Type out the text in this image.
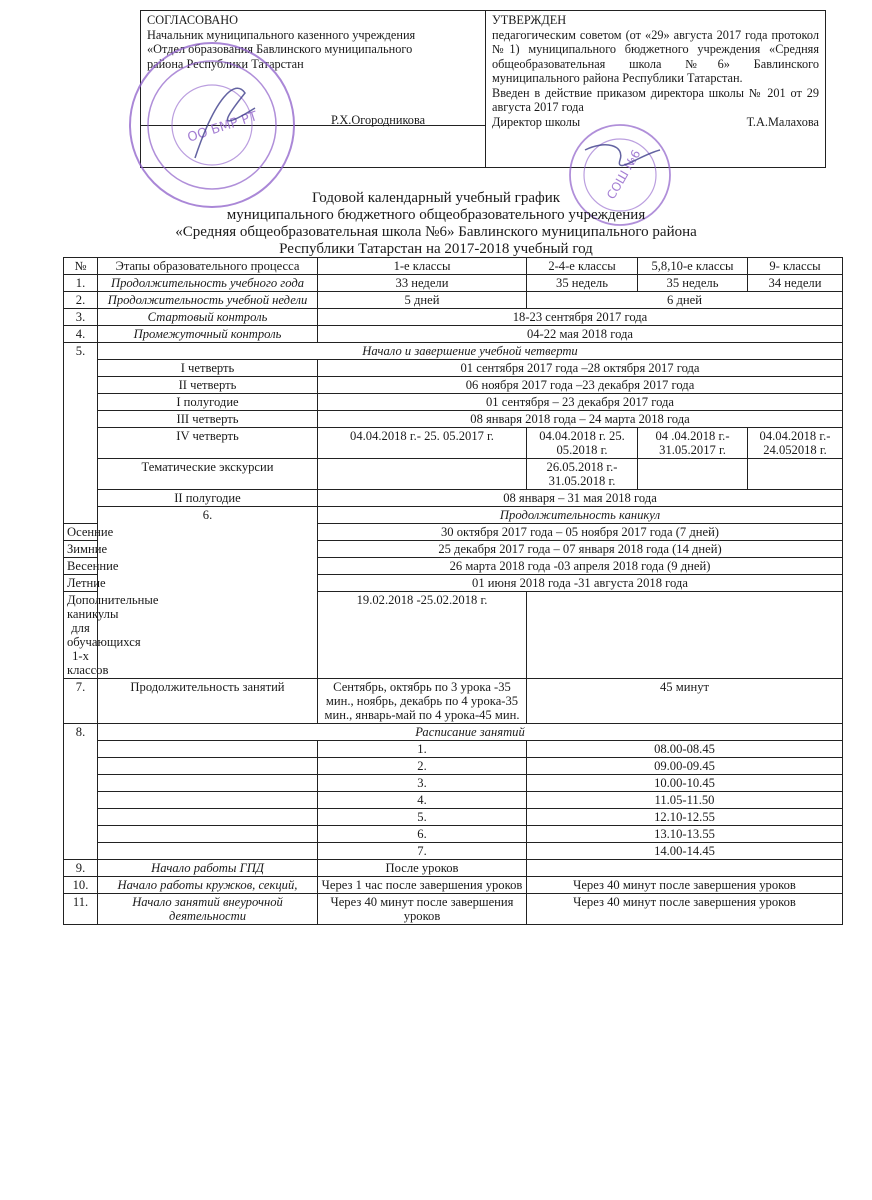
СОГЛАСОВАНО
Начальник муниципального казенного учреждения
«Отдел образования Бавлинского муниципального
района Республики Татарстан
Р.Х.Огородникова
УТВЕРЖДЕН
педагогическим советом (от «29» августа 2017 года протокол №1) муниципального бюджетного учреждения «Средняя общеобразовательная школа №6» Бавлинского муниципального района Республики Татарстан.
Введен в действие приказом директора школы № 201 от 29 августа 2017 года
Директор школы	Т.А.Малахова
ОО БМР РТ
СОШ №6
Годовой календарный учебный график
муниципального бюджетного общеобразовательного учреждения
«Средняя общеобразовательная школа №6» Бавлинского муниципального района
Республики Татарстан на 2017-2018 учебный год
№	Этапы образовательного процесса	1-е классы	2-4-е классы	5,8,10-е классы	9- классы
1.	Продолжительность учебного года	33 недели	35 недель	35 недель	34 недели
2.	Продолжительность учебной недели	5 дней	6 дней		
3.	Стартовый контроль	18-23 сентября 2017 года			
4.	Промежуточный контроль	04-22 мая 2018 года			
5.	Начало и завершение учебной четверти				
	I четверть	01 сентября 2017 года –28 октября 2017 года			
	II четверть	06 ноября 2017 года –23 декабря 2017 года			
	I полугодие	01 сентября – 23 декабря 2017 года			
	III четверть	08 января 2018 года – 24 марта 2018 года			
	IV четверть	04.04.2018 г.- 25. 05.2017 г.	04.04.2018 г. 25. 05.2018 г.	04 .04.2018 г.- 31.05.2017 г.	04.04.2018 г.- 24.052018 г.
	Тематические экскурсии		26.05.2018 г.- 31.05.2018 г.		
	II полугодие	08 января – 31 мая 2018 года			
	6.	Продолжительность каникул			
Осенние		30 октября 2017 года – 05 ноября 2017 года (7 дней)			
Зимние		25 декабря 2017 года – 07 января 2018 года (14 дней)			
Весенние		26 марта 2018 года -03 апреля 2018 года (9 дней)			
Летние		01 июня 2018 года -31 августа 2018 года			
Дополнительные каникулы для обучающихся 1-х классов		19.02.2018 -25.02.2018 г.			
7.	Продолжительность занятий	Сентябрь, октябрь по 3 урока -35 мин., ноябрь, декабрь по 4 урока-35 мин., январь-май по 4 урока-45 мин.	45 минут		
8.	Расписание занятий				
		1.	08.00-08.45		
		2.	09.00-09.45		
		3.	10.00-10.45		
		4.	11.05-11.50		
		5.	12.10-12.55		
		6.	13.10-13.55		
		7.	14.00-14.45		
9.	Начало работы ГПД	После уроков			
10.	Начало работы кружков, секций,	Через 1 час после завершения уроков	Через 40 минут после завершения уроков		
11.	Начало занятий внеурочной деятельности	Через 40 минут после завершения уроков	Через 40 минут после завершения уроков		
